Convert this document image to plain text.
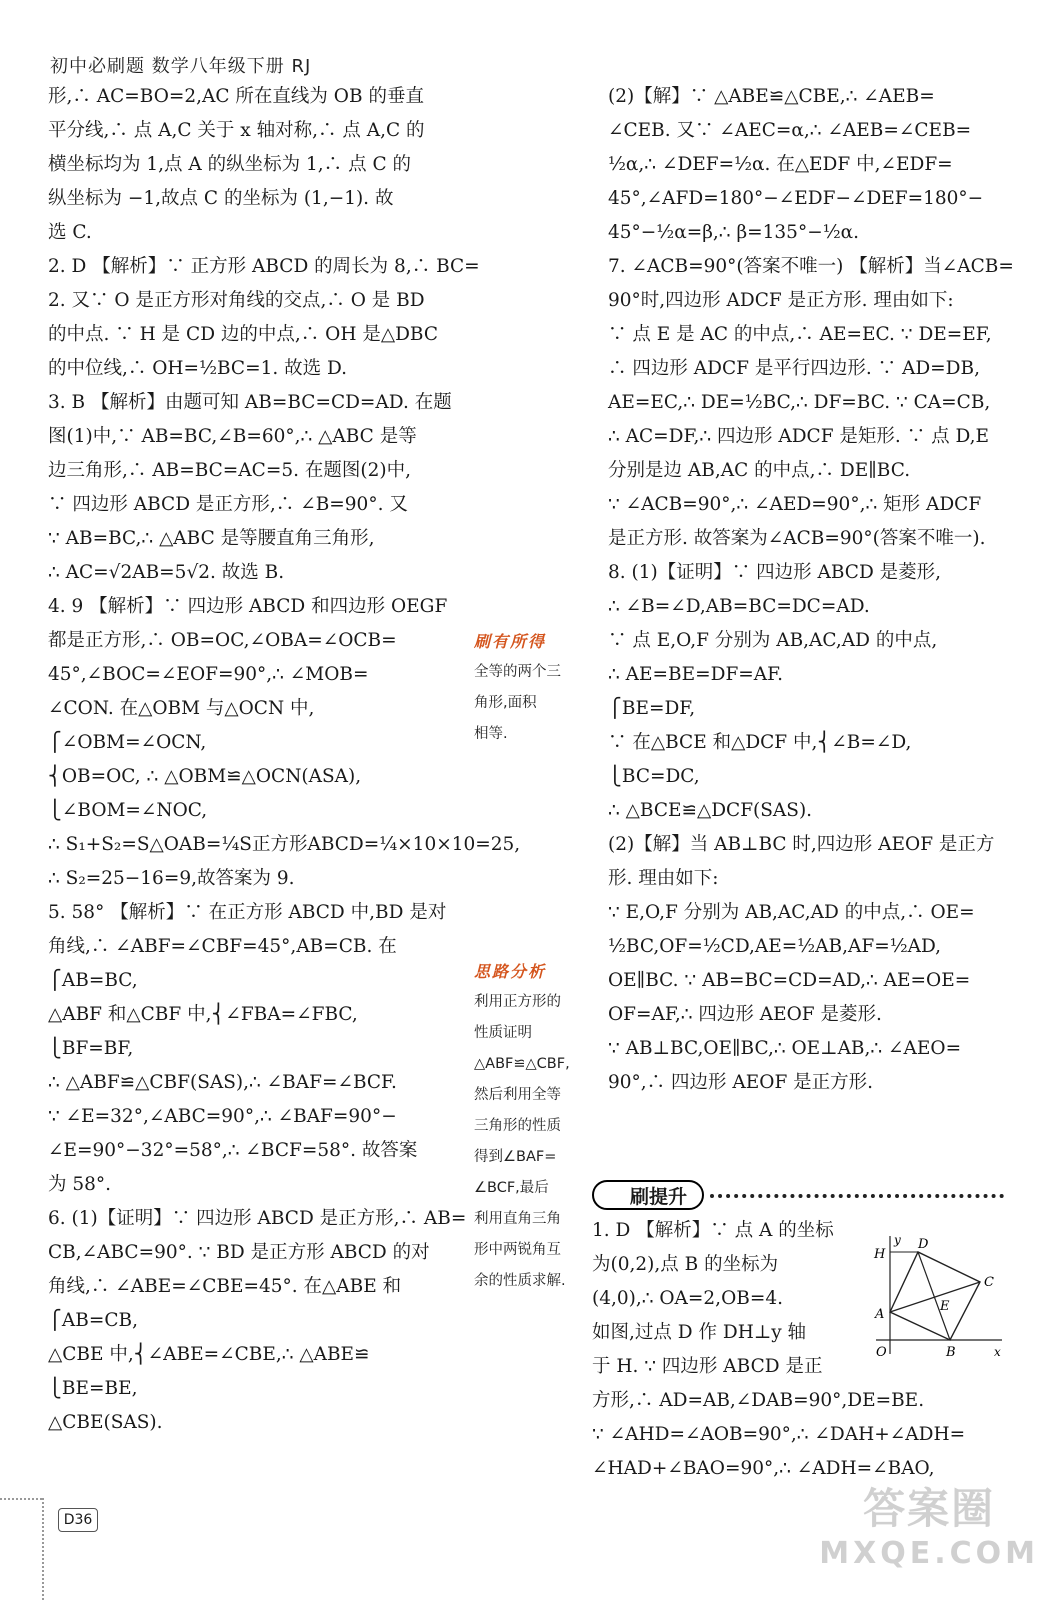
初中必刷题 数学八年级下册 RJ
形,∴ AC=BO=2,AC 所在直线为 OB 的垂直
平分线,∴ 点 A,C 关于 x 轴对称,∴ 点 A,C 的
横坐标均为 1,点 A 的纵坐标为 1,∴ 点 C 的
纵坐标为 −1,故点 C 的坐标为 (1,−1). 故
选 C.
2. D 【解析】∵ 正方形 ABCD 的周长为 8,∴ BC=
2. 又∵ O 是正方形对角线的交点,∴ O 是 BD
的中点. ∵ H 是 CD 边的中点,∴ OH 是△DBC
的中位线,∴ OH=½BC=1. 故选 D.
3. B 【解析】由题可知 AB=BC=CD=AD. 在题
图(1)中,∵ AB=BC,∠B=60°,∴ △ABC 是等
边三角形,∴ AB=BC=AC=5. 在题图(2)中,
∵ 四边形 ABCD 是正方形,∴ ∠B=90°. 又
∵ AB=BC,∴ △ABC 是等腰直角三角形,
∴ AC=√2AB=5√2. 故选 B.
4. 9 【解析】∵ 四边形 ABCD 和四边形 OEGF
都是正方形,∴ OB=OC,∠OBA=∠OCB=
45°,∠BOC=∠EOF=90°,∴ ∠MOB=
∠CON. 在△OBM 与△OCN 中,
⎧∠OBM=∠OCN,
⎨OB=OC, ∴ △OBM≌△OCN(ASA),
⎩∠BOM=∠NOC,
∴ S₁+S₂=S△OAB=¼S正方形ABCD=¼×10×10=25,
∴ S₂=25−16=9,故答案为 9.
5. 58° 【解析】∵ 在正方形 ABCD 中,BD 是对
角线,∴ ∠ABF=∠CBF=45°,AB=CB. 在
⎧AB=BC,
△ABF 和△CBF 中,⎨∠FBA=∠FBC,
⎩BF=BF,
∴ △ABF≌△CBF(SAS),∴ ∠BAF=∠BCF.
∵ ∠E=32°,∠ABC=90°,∴ ∠BAF=90°−
∠E=90°−32°=58°,∴ ∠BCF=58°. 故答案
为 58°.
6. (1)【证明】∵ 四边形 ABCD 是正方形,∴ AB=
CB,∠ABC=90°. ∵ BD 是正方形 ABCD 的对
角线,∴ ∠ABE=∠CBE=45°. 在△ABE 和
⎧AB=CB,
△CBE 中,⎨∠ABE=∠CBE,∴ △ABE≌
⎩BE=BE,
△CBE(SAS).
刷有所得
全等的两个三
角形,面积
相等.
思路分析
利用正方形的
性质证明
△ABF≌△CBF,
然后利用全等
三角形的性质
得到∠BAF=
∠BCF,最后
利用直角三角
形中两锐角互
余的性质求解.
(2)【解】∵ △ABE≌△CBE,∴ ∠AEB=
∠CEB. 又∵ ∠AEC=α,∴ ∠AEB=∠CEB=
½α,∴ ∠DEF=½α. 在△EDF 中,∠EDF=
45°,∠AFD=180°−∠EDF−∠DEF=180°−
45°−½α=β,∴ β=135°−½α.
7. ∠ACB=90°(答案不唯一) 【解析】当∠ACB=
90°时,四边形 ADCF 是正方形. 理由如下:
∵ 点 E 是 AC 的中点,∴ AE=EC. ∵ DE=EF,
∴ 四边形 ADCF 是平行四边形. ∵ AD=DB,
AE=EC,∴ DE=½BC,∴ DF=BC. ∵ CA=CB,
∴ AC=DF,∴ 四边形 ADCF 是矩形. ∵ 点 D,E
分别是边 AB,AC 的中点,∴ DE∥BC.
∵ ∠ACB=90°,∴ ∠AED=90°,∴ 矩形 ADCF
是正方形. 故答案为∠ACB=90°(答案不唯一).
8. (1)【证明】∵ 四边形 ABCD 是菱形,
∴ ∠B=∠D,AB=BC=DC=AD.
∵ 点 E,O,F 分别为 AB,AC,AD 的中点,
∴ AE=BE=DF=AF.
⎧BE=DF,
∵ 在△BCE 和△DCF 中,⎨∠B=∠D,
⎩BC=DC,
∴ △BCE≌△DCF(SAS).
(2)【解】当 AB⊥BC 时,四边形 AEOF 是正方
形. 理由如下:
∵ E,O,F 分别为 AB,AC,AD 的中点,∴ OE=
½BC,OF=½CD,AE=½AB,AF=½AD,
OE∥BC. ∵ AB=BC=CD=AD,∴ AE=OE=
OF=AF,∴ 四边形 AEOF 是菱形.
∵ AB⊥BC,OE∥BC,∴ OE⊥AB,∴ ∠AEO=
90°,∴ 四边形 AEOF 是正方形.
刷提升
1. D 【解析】∵ 点 A 的坐标
为(0,2),点 B 的坐标为
(4,0),∴ OA=2,OB=4.
如图,过点 D 作 DH⊥y 轴
于 H. ∵ 四边形 ABCD 是正
方形,∴ AD=AB,∠DAB=90°,DE=BE.
∵ ∠AHD=∠AOB=90°,∴ ∠DAH+∠ADH=
∠HAD+∠BAO=90°,∴ ∠ADH=∠BAO,
y
x
H
D
C
A
E
O	B
D36	答案圈
MXQE.COM
